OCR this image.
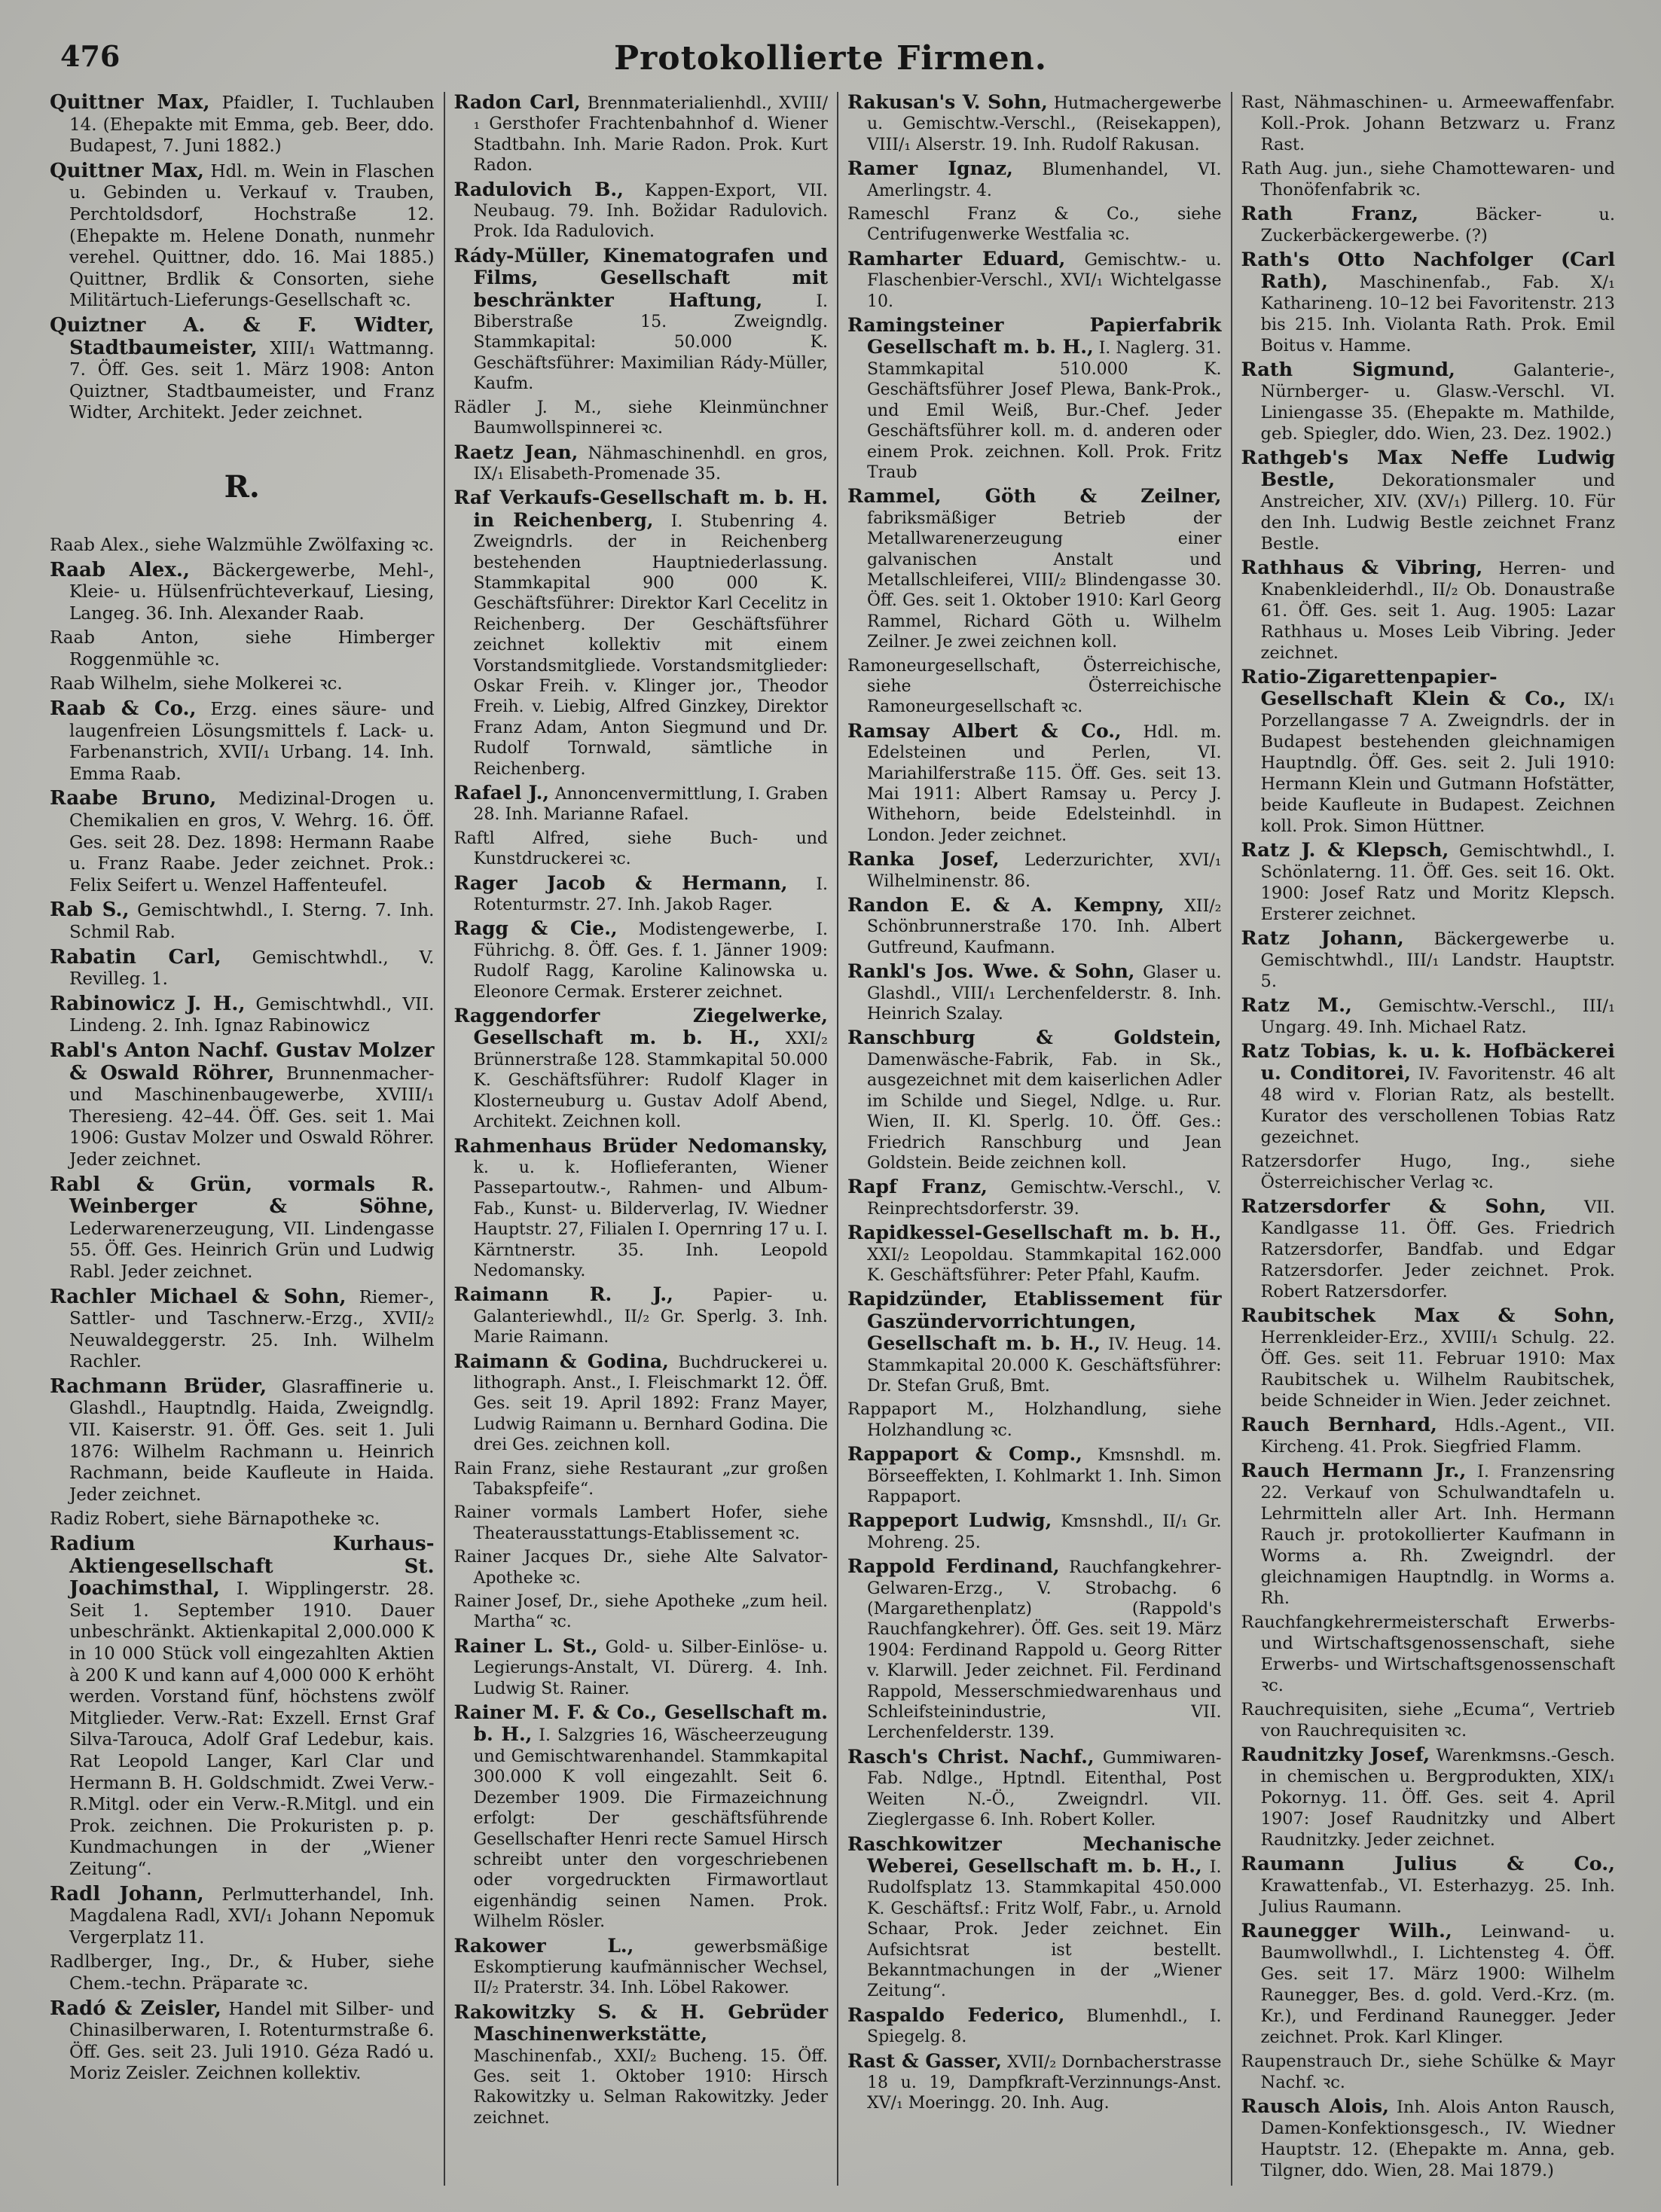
476	Protokollierte Firmen.
Quittner Max, Pfaidler, I. Tuchlauben 14. (Ehepakte mit Emma, geb. Beer, ddo. Budapest, 7. Juni 1882.)
Quittner Max, Hdl. m. Wein in Flaschen u. Gebinden u. Verkauf v. Trauben, Perchtoldsdorf, Hochstraße 12. (Ehepakte m. Helene Donath, nunmehr verehel. Quittner, ddo. 16. Mai 1885.) Quittner, Brdlik & Consorten, siehe Militärtuch-Lieferungs-Gesellschaft ꝛc.
Quiztner A. & F. Widter, Stadtbaumeister, XIII/₁ Wattmanng. 7. Öff. Ges. seit 1. März 1908: Anton Quiztner, Stadtbaumeister, und Franz Widter, Architekt. Jeder zeichnet.
R.
Raab Alex., siehe Walzmühle Zwölfaxing ꝛc.
Raab Alex., Bäckergewerbe, Mehl-, Kleie- u. Hülsenfrüchteverkauf, Liesing, Langeg. 36. Inh. Alexander Raab.
Raab Anton, siehe Himberger Roggenmühle ꝛc.
Raab Wilhelm, siehe Molkerei ꝛc.
Raab & Co., Erzg. eines säure- und laugenfreien Lösungsmittels f. Lack- u. Farbenanstrich, XVII/₁ Urbang. 14. Inh. Emma Raab.
Raabe Bruno, Medizinal-Drogen u. Chemikalien en gros, V. Wehrg. 16. Öff. Ges. seit 28. Dez. 1898: Hermann Raabe u. Franz Raabe. Jeder zeichnet. Prok.: Felix Seifert u. Wenzel Haffenteufel.
Rab S., Gemischtwhdl., I. Sterng. 7. Inh. Schmil Rab.
Rabatin Carl, Gemischtwhdl., V. Revilleg. 1.
Rabinowicz J. H., Gemischtwhdl., VII. Lindeng. 2. Inh. Ignaz Rabinowicz
Rabl's Anton Nachf. Gustav Molzer & Oswald Röhrer, Brunnenmacher- und Maschinenbaugewerbe, XVIII/₁ Theresieng. 42–44. Öff. Ges. seit 1. Mai 1906: Gustav Molzer und Oswald Röhrer. Jeder zeichnet.
Rabl & Grün, vormals R. Weinberger & Söhne, Lederwarenerzeugung, VII. Lindengasse 55. Öff. Ges. Heinrich Grün und Ludwig Rabl. Jeder zeichnet.
Rachler Michael & Sohn, Riemer-, Sattler- und Taschnerw.-Erzg., XVII/₂ Neuwaldeggerstr. 25. Inh. Wilhelm Rachler.
Rachmann Brüder, Glasraffinerie u. Glashdl., Hauptndlg. Haida, Zweigndlg. VII. Kaiserstr. 91. Öff. Ges. seit 1. Juli 1876: Wilhelm Rachmann u. Heinrich Rachmann, beide Kaufleute in Haida. Jeder zeichnet.
Radiz Robert, siehe Bärnapotheke ꝛc.
Radium Kurhaus-Aktiengesellschaft St. Joachimsthal, I. Wipplingerstr. 28. Seit 1. September 1910. Dauer unbeschränkt. Aktienkapital 2,000.000 K in 10 000 Stück voll eingezahlten Aktien à 200 K und kann auf 4,000 000 K erhöht werden. Vorstand fünf, höchstens zwölf Mitglieder. Verw.-Rat: Exzell. Ernst Graf Silva-Tarouca, Adolf Graf Ledebur, kais. Rat Leopold Langer, Karl Clar und Hermann B. H. Goldschmidt. Zwei Verw.-R.Mitgl. oder ein Verw.-R.Mitgl. und ein Prok. zeichnen. Die Prokuristen p. p. Kundmachungen in der „Wiener Zeitung“.
Radl Johann, Perlmutterhandel, Inh. Magdalena Radl, XVI/₁ Johann Nepomuk Vergerplatz 11.
Radlberger, Ing., Dr., & Huber, siehe Chem.-techn. Präparate ꝛc.
Radó & Zeisler, Handel mit Silber- und Chinasilberwaren, I. Rotenturmstraße 6. Öff. Ges. seit 23. Juli 1910. Géza Radó u. Moriz Zeisler. Zeichnen kollektiv.
Radon Carl, Brennmaterialienhdl., XVIII/₁ Gersthofer Frachtenbahnhof d. Wiener Stadtbahn. Inh. Marie Radon. Prok. Kurt Radon.
Radulovich B., Kappen-Export, VII. Neubaug. 79. Inh. Božidar Radulovich. Prok. Ida Radulovich.
Rády-Müller, Kinematografen und Films, Gesellschaft mit beschränkter Haftung,	I. Biberstraße 15. Zweigndlg. Stammkapital: 50.000 K. Geschäftsführer: Maximilian Rády-Müller, Kaufm.
Rädler J. M., siehe Kleinmünchner Baumwollspinnerei ꝛc.
Raetz Jean, Nähmaschinenhdl. en gros, IX/₁ Elisabeth-Promenade 35.
Raf Verkaufs-Gesellschaft m. b. H. in Reichenberg, I. Stubenring 4. Zweigndrls. der in Reichenberg bestehenden Hauptniederlassung. Stammkapital 900 000 K. Geschäftsführer: Direktor Karl Cecelitz in Reichenberg. Der Geschäftsführer zeichnet kollektiv mit einem Vorstandsmitgliede. Vorstandsmitglieder: Oskar Freih. v. Klinger jor., Theodor Freih. v. Liebig, Alfred Ginzkey, Direktor Franz Adam, Anton Siegmund und Dr. Rudolf Tornwald, sämtliche in Reichenberg.
Rafael J., Annoncenvermittlung, I. Graben 28. Inh. Marianne Rafael.
Raftl Alfred, siehe Buch- und Kunstdruckerei ꝛc.
Rager Jacob & Hermann, I. Rotenturmstr. 27. Inh. Jakob Rager.
Ragg & Cie., Modistengewerbe, I. Führichg. 8. Öff. Ges. f. 1. Jänner 1909: Rudolf Ragg, Karoline Kalinowska u. Eleonore Cermak. Ersterer zeichnet.
Raggendorfer Ziegelwerke, Gesellschaft m. b. H., XXI/₂ Brünnerstraße 128. Stammkapital 50.000 K. Geschäftsführer: Rudolf Klager in Klosterneuburg u. Gustav Adolf Abend, Architekt. Zeichnen koll.
Rahmenhaus Brüder Nedomansky, k. u. k. Hoflieferanten, Wiener Passepartoutw.-, Rahmen- und Album-Fab., Kunst- u. Bilderverlag, IV. Wiedner Hauptstr. 27, Filialen I. Opernring 17 u. I. Kärntnerstr. 35. Inh. Leopold Nedomansky.
Raimann R. J., Papier- u. Galanteriewhdl., II/₂ Gr. Sperlg. 3. Inh. Marie Raimann.
Raimann & Godina, Buchdruckerei u. lithograph. Anst., I. Fleischmarkt 12. Öff. Ges. seit 19. April 1892: Franz Mayer, Ludwig Raimann u. Bernhard Godina. Die drei Ges. zeichnen koll.
Rain Franz, siehe Restaurant „zur großen Tabakspfeife“.
Rainer vormals Lambert Hofer, siehe Theaterausstattungs-Etablissement ꝛc.
Rainer Jacques Dr., siehe Alte Salvator-Apotheke ꝛc.
Rainer Josef, Dr., siehe Apotheke „zum heil. Martha“ ꝛc.
Rainer L. St., Gold- u. Silber-Einlöse- u. Legierungs-Anstalt, VI. Dürerg. 4. Inh. Ludwig St. Rainer.
Rainer M. F. & Co., Gesellschaft m. b. H., I. Salzgries 16, Wäscheerzeugung und Gemischtwarenhandel. Stammkapital 300.000 K voll eingezahlt. Seit 6. Dezember 1909. Die Firmazeichnung erfolgt: Der geschäftsführende Gesellschafter Henri recte Samuel Hirsch schreibt unter den vorgeschriebenen oder vorgedruckten Firmawortlaut eigenhändig seinen Namen. Prok. Wilhelm Rösler.
Rakower L.,	gewerbsmäßige Eskomptierung kaufmännischer Wechsel, II/₂ Praterstr. 34. Inh. Löbel Rakower.
Rakowitzky S. & H. Gebrüder Maschinenwerkstätte, Maschinenfab., XXI/₂ Bucheng. 15. Öff. Ges. seit 1. Oktober 1910: Hirsch Rakowitzky u. Selman Rakowitzky. Jeder zeichnet.
Rakusan's V. Sohn, Hutmachergewerbe u. Gemischtw.-Verschl., (Reisekappen), VIII/₁ Alserstr. 19. Inh. Rudolf Rakusan.
Ramer Ignaz, Blumenhandel, VI. Amerlingstr. 4.
Rameschl Franz & Co., siehe Centrifugenwerke Westfalia ꝛc.
Ramharter Eduard, Gemischtw.- u. Flaschenbier-Verschl., XVI/₁ Wichtelgasse 10.
Ramingsteiner Papierfabrik Gesellschaft m. b. H., I. Naglerg. 31. Stammkapital 510.000 K. Geschäftsführer Josef Plewa, Bank-Prok., und Emil Weiß, Bur.-Chef. Jeder Geschäftsführer koll. m. d. anderen oder einem Prok. zeichnen. Koll. Prok. Fritz Traub
Rammel, Göth & Zeilner, fabriksmäßiger Betrieb der Metallwarenerzeugung einer galvanischen Anstalt und Metallschleiferei, VIII/₂ Blindengasse 30. Öff. Ges. seit 1. Oktober 1910: Karl Georg Rammel, Richard Göth u. Wilhelm Zeilner. Je zwei zeichnen koll.
Ramoneurgesellschaft, Österreichische, siehe Österreichische Ramoneurgesellschaft ꝛc.
Ramsay Albert & Co., Hdl. m. Edelsteinen und Perlen, VI. Mariahilferstraße 115. Öff. Ges. seit 13. Mai 1911: Albert Ramsay u. Percy J. Withehorn, beide Edelsteinhdl. in London. Jeder zeichnet.
Ranka Josef, Lederzurichter, XVI/₁ Wilhelminenstr. 86.
Randon E. & A. Kempny, XII/₂ Schönbrunnerstraße 170. Inh. Albert Gutfreund, Kaufmann.
Rankl's Jos. Wwe. & Sohn, Glaser u. Glashdl., VIII/₁ Lerchenfelderstr. 8. Inh. Heinrich Szalay.
Ranschburg & Goldstein, Damenwäsche-Fabrik, Fab. in Sk., ausgezeichnet mit dem kaiserlichen Adler im Schilde und Siegel, Ndlge. u. Rur. Wien, II. Kl. Sperlg. 10. Öff. Ges.: Friedrich Ranschburg und Jean Goldstein. Beide zeichnen koll.
Rapf Franz, Gemischtw.-Verschl., V. Reinprechtsdorferstr. 39.
Rapidkessel-Gesellschaft m. b. H., XXI/₂ Leopoldau. Stammkapital 162.000 K. Geschäftsführer: Peter Pfahl, Kaufm.
Rapidzünder, Etablissement für Gaszündervorrichtungen, Gesellschaft m. b. H., IV. Heug. 14. Stammkapital 20.000 K. Geschäftsführer: Dr. Stefan Gruß, Bmt.
Rappaport M., Holzhandlung, siehe Holzhandlung ꝛc.
Rappaport & Comp., Kmsnshdl. m. Börseeffekten, I. Kohlmarkt 1. Inh. Simon Rappaport.
Rappeport Ludwig, Kmsnshdl., II/₁ Gr. Mohreng. 25.
Rappold Ferdinand, Rauchfangkehrer-Gelwaren-Erzg., V. Strobachg. 6 (Margarethenplatz) (Rappold's Rauchfangkehrer). Öff. Ges. seit 19. März 1904: Ferdinand Rappold u. Georg Ritter v. Klarwill. Jeder zeichnet. Fil. Ferdinand Rappold, Messerschmiedwarenhaus und Schleifsteinindustrie, VII. Lerchenfelderstr. 139.
Rasch's Christ. Nachf., Gummiwaren-Fab. Ndlge., Hptndl. Eitenthal, Post Weiten N.-Ö., Zweigndrl. VII. Zieglergasse 6. Inh. Robert Koller.
Raschkowitzer Mechanische Weberei, Gesellschaft m. b. H., I. Rudolfsplatz 13. Stammkapital 450.000 K. Geschäftsf.: Fritz Wolf, Fabr., u. Arnold Schaar, Prok. Jeder zeichnet. Ein Aufsichtsrat ist bestellt. Bekanntmachungen in der „Wiener Zeitung“.
Raspaldo Federico, Blumenhdl., I. Spiegelg. 8.
Rast & Gasser, XVII/₂ Dornbacherstrasse 18 u. 19, Dampfkraft-Verzinnungs-Anst. XV/₁ Moeringg. 20. Inh. Aug.
Rast, Nähmaschinen- u. Armeewaffenfabr. Koll.-Prok. Johann Betzwarz u. Franz Rast.
Rath Aug. jun., siehe Chamottewaren- und Thonöfenfabrik ꝛc.
Rath Franz,	Bäcker- u. Zuckerbäckergewerbe. (?)
Rath's Otto Nachfolger (Carl Rath), Maschinenfab., Fab. X/₁ Katharineng. 10–12 bei Favoritenstr. 213 bis 215. Inh. Violanta Rath. Prok. Emil Boitus v. Hamme.
Rath Sigmund,	Galanterie-, Nürnberger- u. Glasw.-Verschl. VI. Liniengasse 35. (Ehepakte m. Mathilde, geb. Spiegler, ddo. Wien, 23. Dez. 1902.)
Rathgeb's Max Neffe Ludwig Bestle,	Dekorationsmaler und Anstreicher, XIV. (XV/₁) Pillerg. 10. Für den Inh. Ludwig Bestle zeichnet Franz Bestle.
Rathhaus & Vibring, Herren- und Knabenkleiderhdl., II/₂ Ob. Donaustraße 61. Öff. Ges. seit 1. Aug. 1905: Lazar Rathhaus u. Moses Leib Vibring. Jeder zeichnet.
Ratio-Zigarettenpapier-Gesellschaft Klein & Co., IX/₁ Porzellangasse 7 A. Zweigndrls. der in Budapest bestehenden gleichnamigen Hauptndlg. Öff. Ges. seit 2. Juli 1910: Hermann Klein und Gutmann Hofstätter, beide Kaufleute in Budapest. Zeichnen koll. Prok. Simon Hüttner.
Ratz J. & Klepsch, Gemischtwhdl., I. Schönlaterng. 11. Öff. Ges. seit 16. Okt. 1900: Josef Ratz und Moritz Klepsch. Ersterer zeichnet.
Ratz Johann, Bäckergewerbe u. Gemischtwhdl., III/₁ Landstr. Hauptstr. 5.
Ratz M., Gemischtw.-Verschl., III/₁ Ungarg. 49. Inh. Michael Ratz.
Ratz Tobias, k. u. k. Hofbäckerei u. Conditorei, IV. Favoritenstr. 46 alt 48 wird v. Florian Ratz, als bestellt. Kurator des verschollenen Tobias Ratz gezeichnet.
Ratzersdorfer Hugo, Ing., siehe Österreichischer Verlag ꝛc.
Ratzersdorfer & Sohn, VII. Kandlgasse 11. Öff. Ges. Friedrich Ratzersdorfer, Bandfab. und Edgar Ratzersdorfer. Jeder zeichnet. Prok. Robert Ratzersdorfer.
Raubitschek Max & Sohn, Herrenkleider-Erz., XVIII/₁ Schulg. 22. Öff. Ges. seit 11. Februar 1910: Max Raubitschek u. Wilhelm Raubitschek, beide Schneider in Wien. Jeder zeichnet.
Rauch Bernhard, Hdls.-Agent., VII. Kircheng. 41. Prok. Siegfried Flamm.
Rauch Hermann Jr., I. Franzensring 22. Verkauf von Schulwandtafeln u. Lehrmitteln aller Art. Inh. Hermann Rauch jr. protokollierter Kaufmann in Worms a. Rh. Zweigndrl. der gleichnamigen Hauptndlg. in Worms a. Rh.
Rauchfangkehrermeisterschaft Erwerbs- und Wirtschaftsgenossenschaft, siehe Erwerbs- und Wirtschaftsgenossenschaft ꝛc.
Rauchrequisiten, siehe „Ecuma“, Vertrieb von Rauchrequisiten ꝛc.
Raudnitzky Josef, Warenkmsns.-Gesch. in chemischen u. Bergprodukten, XIX/₁ Pokornyg. 11. Öff. Ges. seit 4. April 1907: Josef Raudnitzky und Albert Raudnitzky. Jeder zeichnet.
Raumann Julius & Co., Krawattenfab., VI. Esterhazyg. 25. Inh. Julius Raumann.
Raunegger Wilh., Leinwand- u. Baumwollwhdl., I. Lichtensteg 4. Öff. Ges. seit 17. März 1900: Wilhelm Raunegger, Bes. d. gold. Verd.-Krz. (m. Kr.), und Ferdinand Raunegger. Jeder zeichnet. Prok. Karl Klinger.
Raupenstrauch Dr., siehe Schülke & Mayr Nachf. ꝛc.
Rausch Alois, Inh. Alois Anton Rausch, Damen-Konfektionsgesch., IV. Wiedner Hauptstr. 12. (Ehepakte m. Anna, geb. Tilgner, ddo. Wien, 28. Mai 1879.)
